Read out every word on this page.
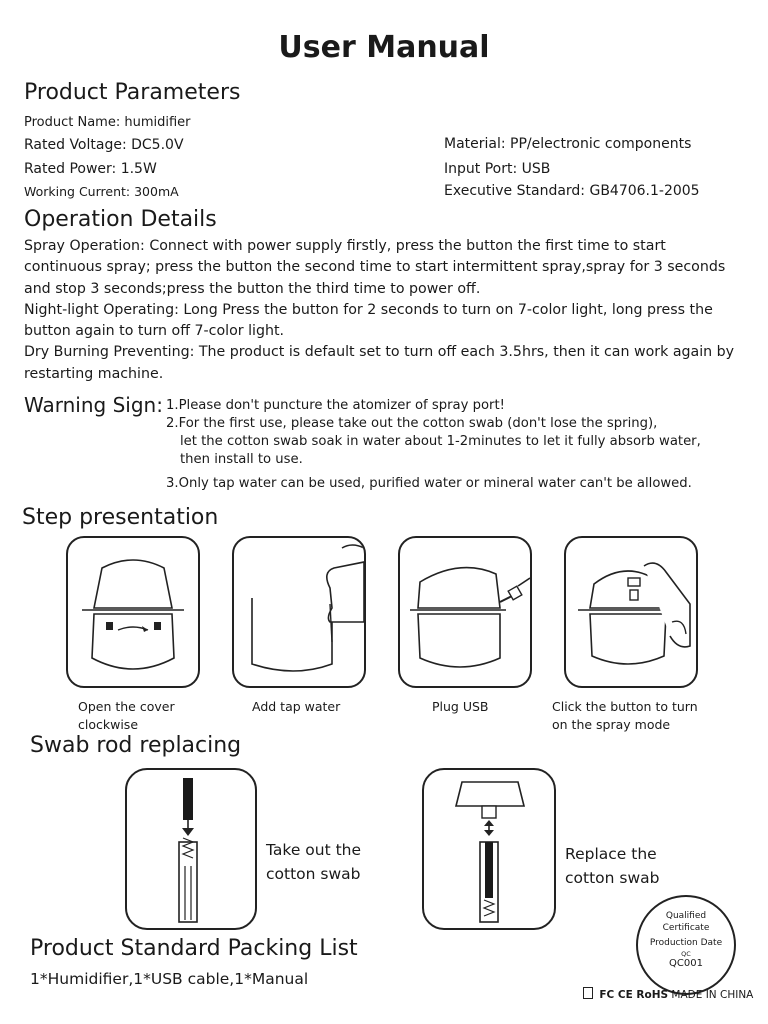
User Manual
Product Parameters
Product Name: humidifier
Rated Voltage: DC5.0V
Rated Power: 1.5W
Working Current: 300mA
Material: PP/electronic components
Input Port: USB
Executive Standard: GB4706.1-2005
Operation Details

Spray Operation: Connect with power supply firstly, press the button the first time to start continuous spray; press the button the second time to start intermittent spray,spray for 3 seconds and stop 3 seconds;press the button the third time to power off.

Night-light Operating: Long Press the button for 2 seconds to turn on 7-color light, long press the button again to turn off 7-color light.

Dry Burning Preventing: The product is default set to turn off each 3.5hrs, then it can work again by restarting machine.

Warning Sign: 1.Please don't puncture the atomizer of spray port!
2.For the first use, please take out the cotton swab (don't lose the spring),
let the cotton swab soak in water about 1-2minutes to let it fully absorb water,
then install to use.
3.Only tap water can be used, purified water or mineral water can't be allowed.
Step presentation
Open the cover
clockwise
Add tap water	Plug USB	Click the button to turn
on the spray mode
Swab rod replacing
Take out the
cotton swab
Replace the
cotton swab
Product Standard Packing List
1*Humidifier,1*USB cable,1*Manual
Qualified
Certificate
Production Date
QC
QC001
FC CE RoHS MADE IN CHINA
